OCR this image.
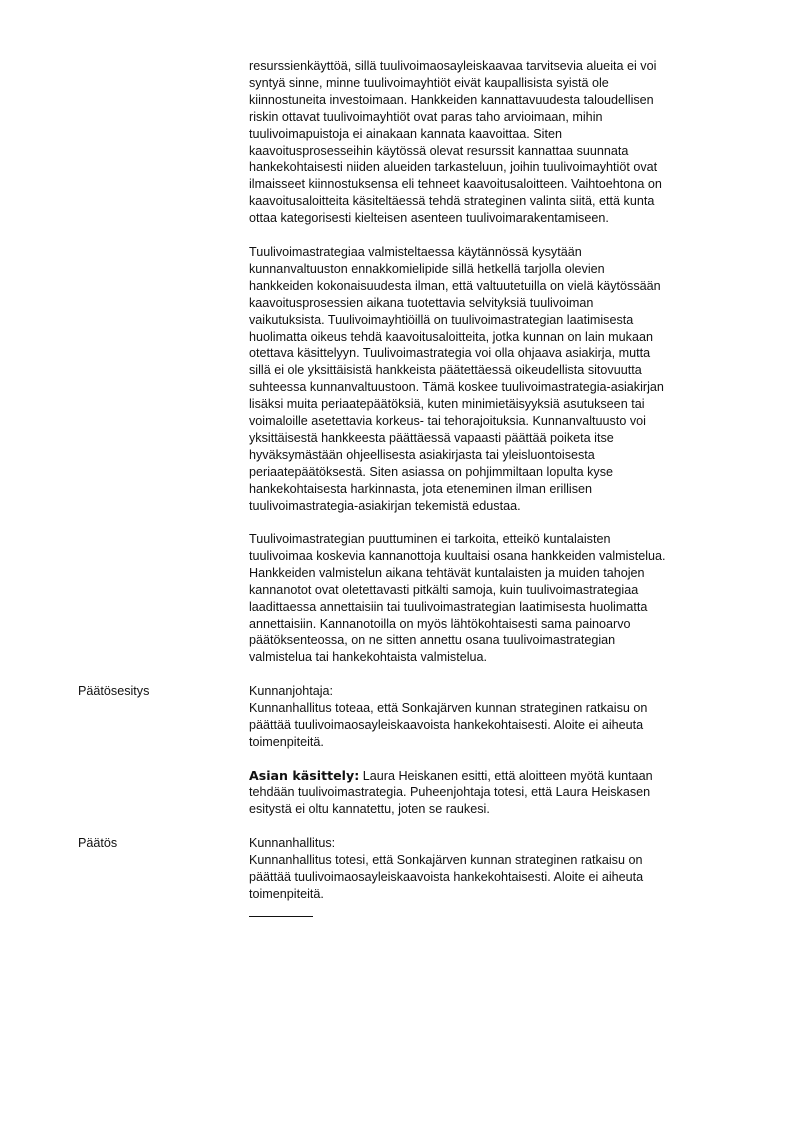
resurssienkäyttöä, sillä tuulivoimaosayleiskaavaa tarvitsevia alueita ei voi
syntyä sinne, minne tuulivoimayhtiöt eivät kaupallisista syistä ole
kiinnostuneita investoimaan. Hankkeiden kannattavuudesta taloudellisen
riskin ottavat tuulivoimayhtiöt ovat paras taho arvioimaan, mihin
tuulivoimapuistoja ei ainakaan kannata kaavoittaa. Siten
kaavoitusprosesseihin käytössä olevat resurssit kannattaa suunnata
hankekohtaisesti niiden alueiden tarkasteluun, joihin tuulivoimayhtiöt ovat
ilmaisseet kiinnostuksensa eli tehneet kaavoitusaloitteen. Vaihtoehtona on
kaavoitusaloitteita käsiteltäessä tehdä strateginen valinta siitä, että kunta
ottaa kategorisesti kielteisen asenteen tuulivoimarakentamiseen.

Tuulivoimastrategiaa valmisteltaessa käytännössä kysytään
kunnanvaltuuston ennakkomielipide sillä hetkellä tarjolla olevien
hankkeiden kokonaisuudesta ilman, että valtuutetuilla on vielä käytössään
kaavoitusprosessien aikana tuotettavia selvityksiä tuulivoiman
vaikutuksista. Tuulivoimayhtiöillä on tuulivoimastrategian laatimisesta
huolimatta oikeus tehdä kaavoitusaloitteita, jotka kunnan on lain mukaan
otettava käsittelyyn. Tuulivoimastrategia voi olla ohjaava asiakirja, mutta
sillä ei ole yksittäisistä hankkeista päätettäessä oikeudellista sitovuutta
suhteessa kunnanvaltuustoon. Tämä koskee tuulivoimastrategia-asiakirjan
lisäksi muita periaatepäätöksiä, kuten minimietäisyyksiä asutukseen tai
voimaloille asetettavia korkeus- tai tehorajoituksia. Kunnanvaltuusto voi
yksittäisestä hankkeesta päättäessä vapaasti päättää poiketa itse
hyväksymästään ohjeellisesta asiakirjasta tai yleisluontoisesta
periaatepäätöksestä. Siten asiassa on pohjimmiltaan lopulta kyse
hankekohtaisesta harkinnasta, jota eteneminen ilman erillisen
tuulivoimastrategia-asiakirjan tekemistä edustaa.

Tuulivoimastrategian puuttuminen ei tarkoita, etteikö kuntalaisten
tuulivoimaa koskevia kannanottoja kuultaisi osana hankkeiden valmistelua.
Hankkeiden valmistelun aikana tehtävät kuntalaisten ja muiden tahojen
kannanotot ovat oletettavasti pitkälti samoja, kuin tuulivoimastrategiaa
laadittaessa annettaisiin tai tuulivoimastrategian laatimisesta huolimatta
annettaisiin. Kannanotoilla on myös lähtökohtaisesti sama painoarvo
päätöksenteossa, on ne sitten annettu osana tuulivoimastrategian
valmistelua tai hankekohtaista valmistelua.

Päätösesitys	Kunnanjohtaja:

Kunnanhallitus toteaa, että Sonkajärven kunnan strateginen ratkaisu on
päättää tuulivoimaosayleiskaavoista hankekohtaisesti. Aloite ei aiheuta
toimenpiteitä.

Asian käsittely: Laura Heiskanen esitti, että aloitteen myötä kuntaan
tehdään tuulivoimastrategia. Puheenjohtaja totesi, että Laura Heiskasen
esitystä ei oltu kannatettu, joten se raukesi.

Päätös	Kunnanhallitus:

Kunnanhallitus totesi, että Sonkajärven kunnan strateginen ratkaisu on
päättää tuulivoimaosayleiskaavoista hankekohtaisesti. Aloite ei aiheuta
toimenpiteitä.
